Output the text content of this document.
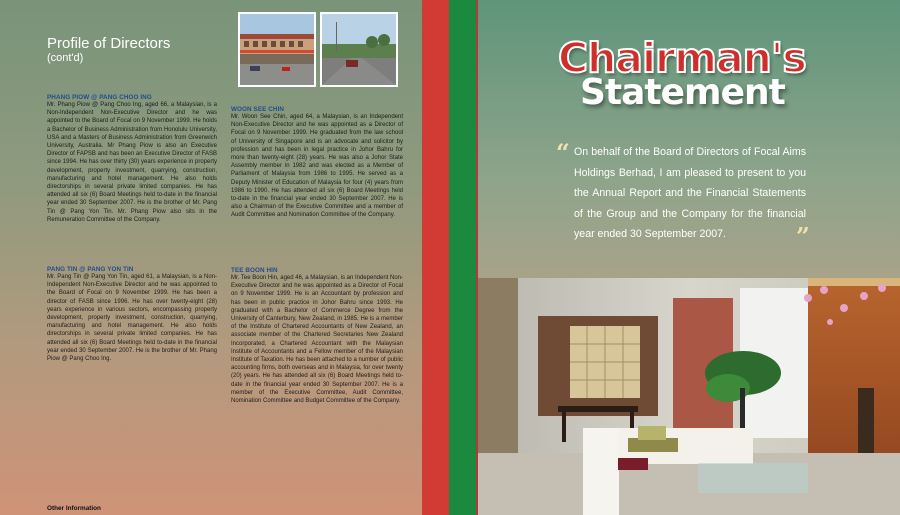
Profile of Directors
(cont'd)
PHANG PIOW @ PANG CHOO ING
Mr. Phang Piow @ Pang Choo Ing, aged 66, a Malaysian, is a Non-Independent Non-Executive Director and he was appointed to the Board of Focal on 9 November 1999. He holds a Bachelor of Business Administration from Honolulu University, USA and a Masters of Business Administration from Greenwich University, Australia. Mr Phang Piow is also an Executive Director of FAPSB and has been an Executive Director of FASB since 1994. He has over thirty (30) years experience in property development, property investment, quarrying, construction, manufacturing and hotel management. He also holds directorships in several private limited companies. He has attended all six (6) Board Meetings held to-date in the financial year ended 30 September 2007. He is the brother of Mr. Pang Tin @ Pang Yon Tin. Mr. Phang Piow also sits in the Remuneration Committee of the Company.
PANG TIN @ PANG YON TIN
Mr. Pang Tin @ Pang Yon Tin, aged 61, a Malaysian, is a Non-Independent Non-Executive Director and he was appointed to the Board of Focal on 9 November 1999. He has been a director of FASB since 1996. He has over twenty-eight (28) years experience in various sectors, encompassing property development, property investment, construction, quarrying, manufacturing and hotel management. He also holds directorships in several private limited companies. He has attended all six (6) Board Meetings held to-date in the financial year ended 30 September 2007. He is the brother of Mr. Phang Piow @ Pang Choo Ing.
WOON SEE CHIN
Mr. Woon See Chin, aged 64, a Malaysian, is an Independent Non-Executive Director and he was appointed as a Director of Focal on 9 November 1999. He graduated from the law school of University of Singapore and is an advocate and solicitor by profession and has been in legal practice in Johor Bahru for more than twenty-eight (28) years. He was also a Johor State Assembly member in 1982 and was elected as a Member of Parliament of Malaysia from 1986 to 1995. He served as a Deputy Minister of Education of Malaysia for four (4) years from 1986 to 1990. He has attended all six (6) Board Meetings held to-date in the financial year ended 30 September 2007. He is also a Chairman of the Executive Committee and a member of Audit Committee and Nomination Committee of the Company.
TEE BOON HIN
Mr. Tee Boon Hin, aged 46, a Malaysian, is an Independent Non-Executive Director and he was appointed as a Director of Focal on 9 November 1999. He is an Accountant by profession and has been in public practice in Johor Bahru since 1993. He graduated with a Bachelor of Commerce Degree from the University of Canterbury, New Zealand, in 1985. He is a member of the Institute of Chartered Accountants of New Zealand, an associate member of the Chartered Secretaries New Zealand Incorporated, a Chartered Accountant with the Malaysian Institute of Accountants and a Fellow member of the Malaysian Institute of Taxation. He has been attached to a number of public accounting firms, both overseas and in Malaysia, for over twenty (20) years. He has attended all six (6) Board Meetings held to-date in the financial year ended 30 September 2007. He is a member of the Executive Committee, Audit Committee, Nomination Committee and Budget Committee of the Company.
Other Information
Chairman's
Statement
“ On behalf of the Board of Directors of Focal Aims Holdings Berhad, I am pleased to present to you the Annual Report and the Financial Statements of the Group and the Company for the financial year ended 30 September 2007.	”
